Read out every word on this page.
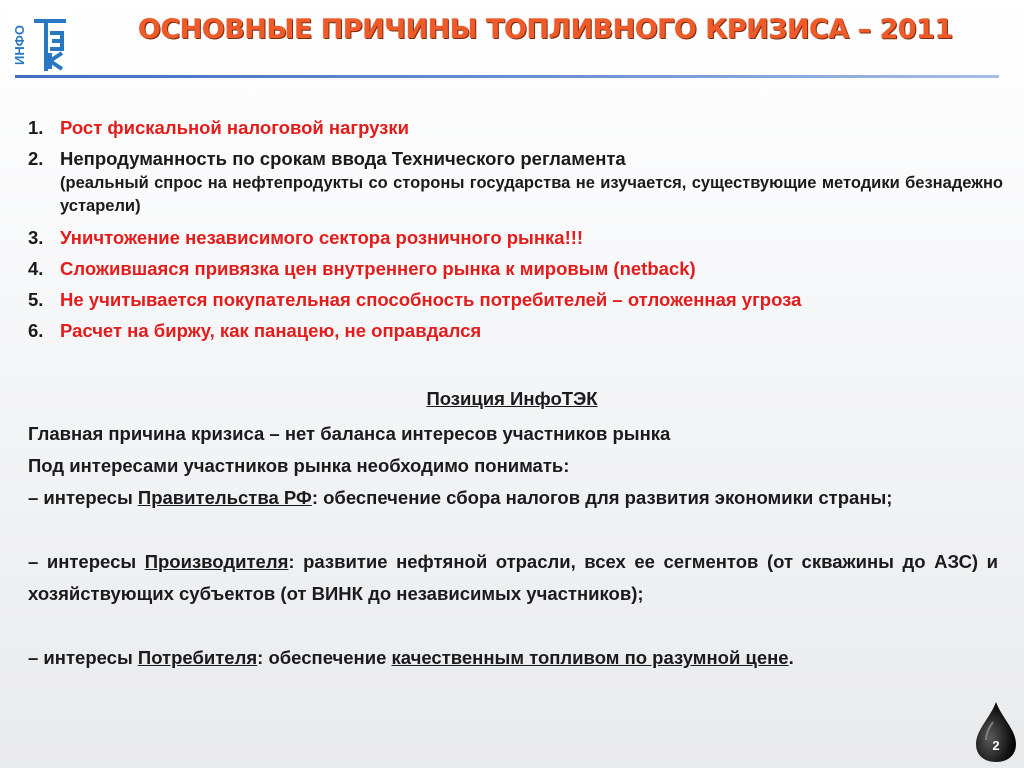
ИНФО	ОСНОВНЫЕ ПРИЧИНЫ ТОПЛИВНОГО КРИЗИСА – 2011
1. Рост фискальной налоговой нагрузки
2. Непродуманность по срокам ввода Технического регламента
(реальный спрос на нефтепродукты со стороны государства не изучается, существующие методики безнадежно устарели)
3. Уничтожение независимого сектора розничного рынка!!!
4. Сложившаяся привязка цен внутреннего рынка к мировым (netback)
5. Не учитывается покупательная способность потребителей – отложенная угроза
6. Расчет на биржу, как панацею, не оправдался
Позиция ИнфоТЭК
Главная причина кризиса – нет баланса интересов участников рынка
Под интересами участников рынка необходимо понимать:
– интересы Правительства РФ: обеспечение сбора налогов для развития экономики страны;
– интересы Производителя: развитие нефтяной отрасли, всех ее сегментов (от скважины до АЗС) и хозяйствующих субъектов (от ВИНК до независимых участников);
– интересы Потребителя: обеспечение качественным топливом по разумной цене.
2
